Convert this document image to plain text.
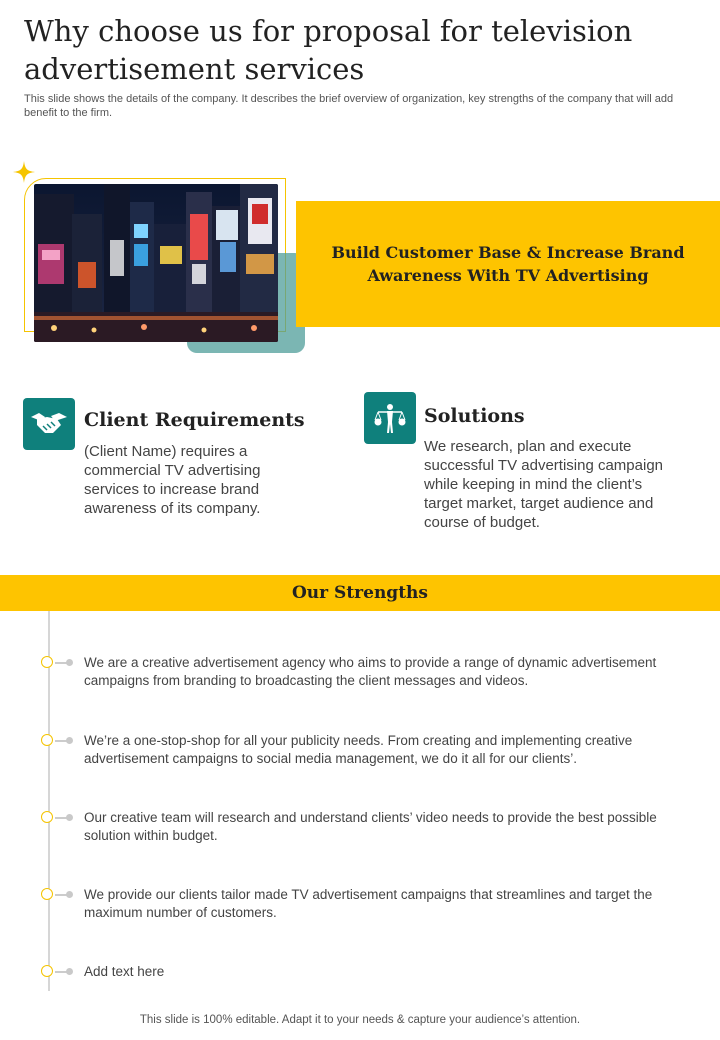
Why choose us for proposal for television advertisement services
This slide shows the details of the company. It describes the brief overview of organization, key strengths of the company that will add benefit to the firm.
Build Customer Base & Increase Brand Awareness With TV Advertising
Client Requirements
(Client Name) requires a commercial TV advertising services to increase brand awareness of its company.
Solutions
We research, plan and execute successful TV advertising campaign while keeping in mind the client’s target market, target audience and course of budget.
Our Strengths
We are a creative advertisement agency who aims to provide a range of dynamic advertisement campaigns from branding to broadcasting the client messages and videos.
We’re a one-stop-shop for all your publicity needs. From creating and implementing creative advertisement campaigns to social media management, we do it all for our clients’.
Our creative team will research and understand clients’ video needs to provide the best possible solution within budget.
We provide our clients tailor made TV advertisement campaigns that streamlines and target the maximum number of customers.
Add text here
This slide is 100% editable. Adapt it to your needs & capture your audience’s attention.
